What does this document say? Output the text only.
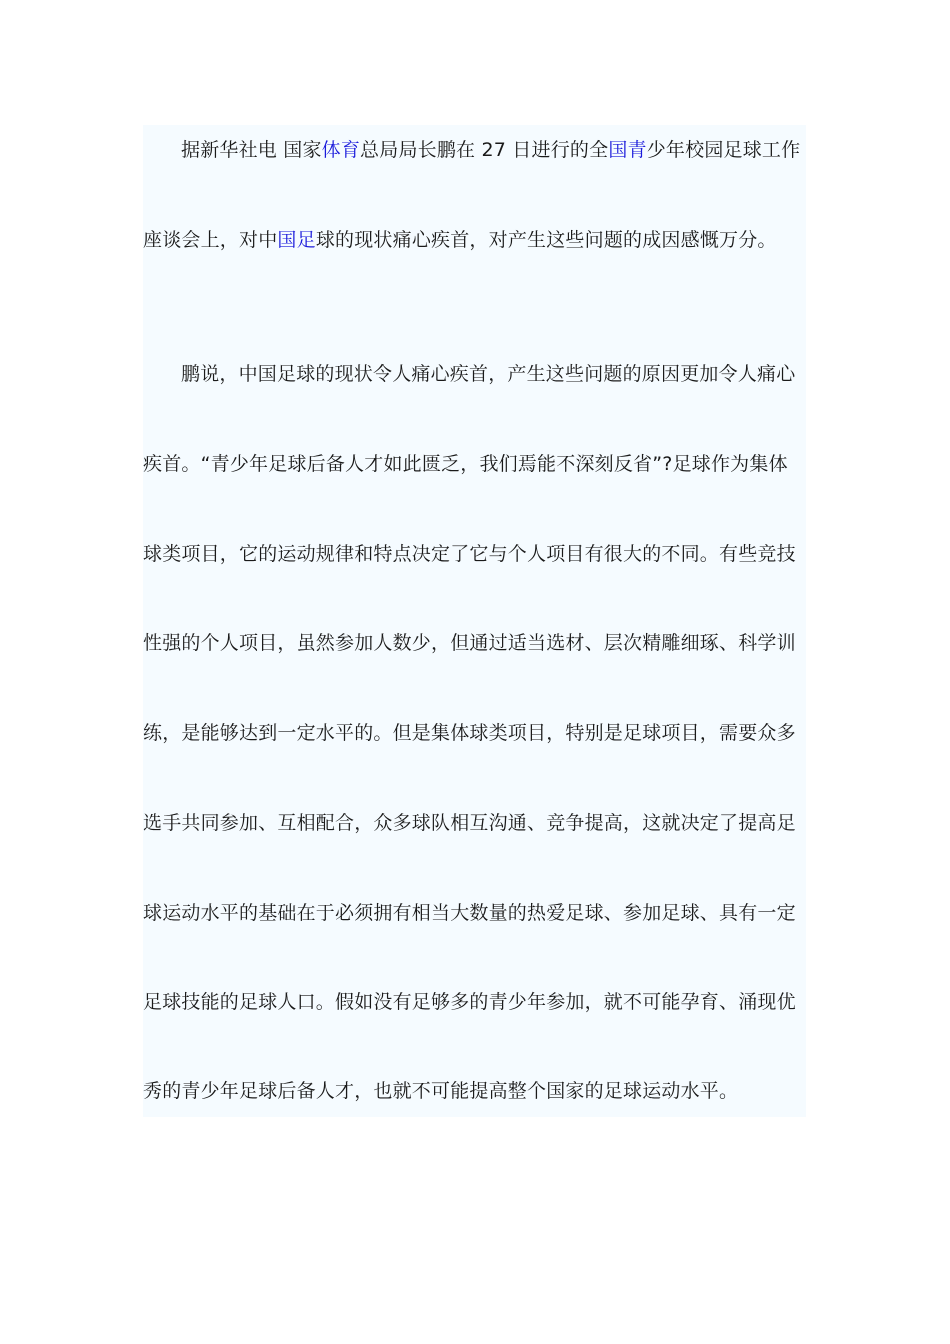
据新华社电 国家体育总局局长鹏在 27 日进行的全国青少年校园足球工作
座谈会上，对中国足球的现状痛心疾首，对产生这些问题的成因感慨万分。
鹏说，中国足球的现状令人痛心疾首，产生这些问题的原因更加令人痛心
疾首。“青少年足球后备人才如此匮乏，我们焉能不深刻反省”?足球作为集体
球类项目，它的运动规律和特点决定了它与个人项目有很大的不同。有些竞技
性强的个人项目，虽然参加人数少，但通过适当选材、层次精雕细琢、科学训
练，是能够达到一定水平的。但是集体球类项目，特别是足球项目，需要众多
选手共同参加、互相配合，众多球队相互沟通、竞争提高，这就决定了提高足
球运动水平的基础在于必须拥有相当大数量的热爱足球、参加足球、具有一定
足球技能的足球人口。假如没有足够多的青少年参加，就不可能孕育、涌现优
秀的青少年足球后备人才，也就不可能提高整个国家的足球运动水平。
